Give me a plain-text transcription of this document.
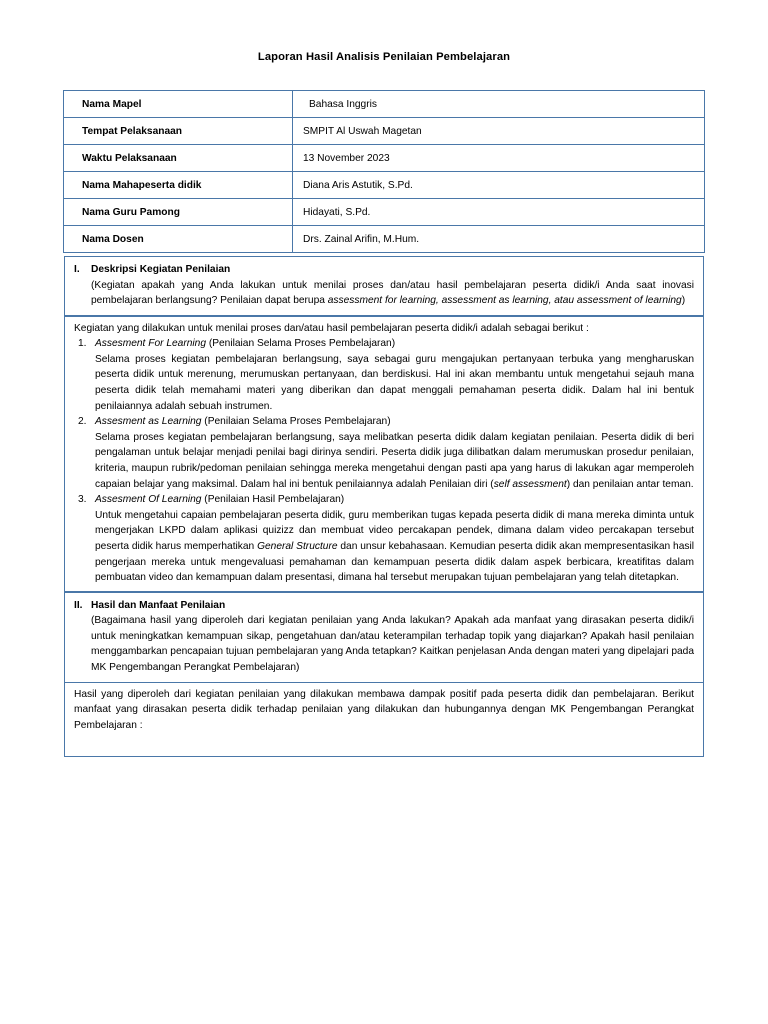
Laporan Hasil Analisis Penilaian Pembelajaran
Nama Mapel	Bahasa Inggris

Tempat Pelaksanaan	SMPIT Al Uswah Magetan

Waktu Pelaksanaan	13 November 2023

Nama Mahapeserta didik	Diana Aris Astutik, S.Pd.

Nama Guru Pamong	Hidayati, S.Pd.

Nama Dosen	Drs. Zainal Arifin, M.Hum.
I.	Deskripsi Kegiatan Penilaian
(Kegiatan apakah yang Anda lakukan untuk menilai proses dan/atau hasil pembelajaran peserta didik/i Anda saat inovasi pembelajaran berlangsung? Penilaian dapat berupa assessment for learning, assessment as learning, atau assessment of learning)
Kegiatan yang dilakukan untuk menilai proses dan/atau hasil pembelajaran peserta didik/i adalah sebagai berikut :
1. Assesment For Learning (Penilaian Selama Proses Pembelajaran)
Selama proses kegiatan pembelajaran berlangsung, saya sebagai guru mengajukan pertanyaan terbuka yang mengharuskan peserta didik untuk merenung, merumuskan pertanyaan, dan berdiskusi. Hal ini akan membantu untuk mengetahui sejauh mana peserta didik telah memahami materi yang diberikan dan dapat menggali pemahaman peserta didik. Dalam hal ini bentuk penilaiannya adalah sebuah instrumen.
2. Assesment as Learning (Penilaian Selama Proses Pembelajaran)
Selama proses kegiatan pembelajaran berlangsung, saya melibatkan peserta didik dalam kegiatan penilaian. Peserta didik di beri pengalaman untuk belajar menjadi penilai bagi dirinya sendiri. Peserta didik juga dilibatkan dalam merumuskan prosedur penilaian, kriteria, maupun rubrik/pedoman penilaian sehingga mereka mengetahui dengan pasti apa yang harus di lakukan agar memperoleh capaian belajar yang maksimal. Dalam hal ini bentuk penilaiannya adalah Penilaian diri (self assessment) dan penilaian antar teman.
3. Assesment Of Learning (Penilaian Hasil Pembelajaran)
Untuk mengetahui capaian pembelajaran peserta didik, guru memberikan tugas kepada peserta didik di mana mereka diminta untuk mengerjakan LKPD dalam aplikasi quizizz dan membuat video percakapan pendek, dimana dalam video percakapan tersebut peserta didik harus memperhatikan General Structure dan unsur kebahasaan. Kemudian peserta didik akan mempresentasikan hasil pengerjaan mereka untuk mengevaluasi pemahaman dan kemampuan peserta didik dalam aspek berbicara, kreatifitas dalam pembuatan video dan kemampuan dalam presentasi, dimana hal tersebut merupakan tujuan pembelajaran yang telah ditetapkan.
II. Hasil dan Manfaat Penilaian
(Bagaimana hasil yang diperoleh dari kegiatan penilaian yang Anda lakukan? Apakah ada manfaat yang dirasakan peserta didik/i untuk meningkatkan kemampuan sikap, pengetahuan dan/atau keterampilan terhadap topik yang diajarkan? Apakah hasil penilaian menggambarkan pencapaian tujuan pembelajaran yang Anda tetapkan? Kaitkan penjelasan Anda dengan materi yang dipelajari pada MK Pengembangan Perangkat Pembelajaran)
Hasil yang diperoleh dari kegiatan penilaian yang dilakukan membawa dampak positif pada peserta didik dan pembelajaran. Berikut manfaat yang dirasakan peserta didik terhadap penilaian yang dilakukan dan hubungannya dengan MK Pengembangan Perangkat Pembelajaran :
